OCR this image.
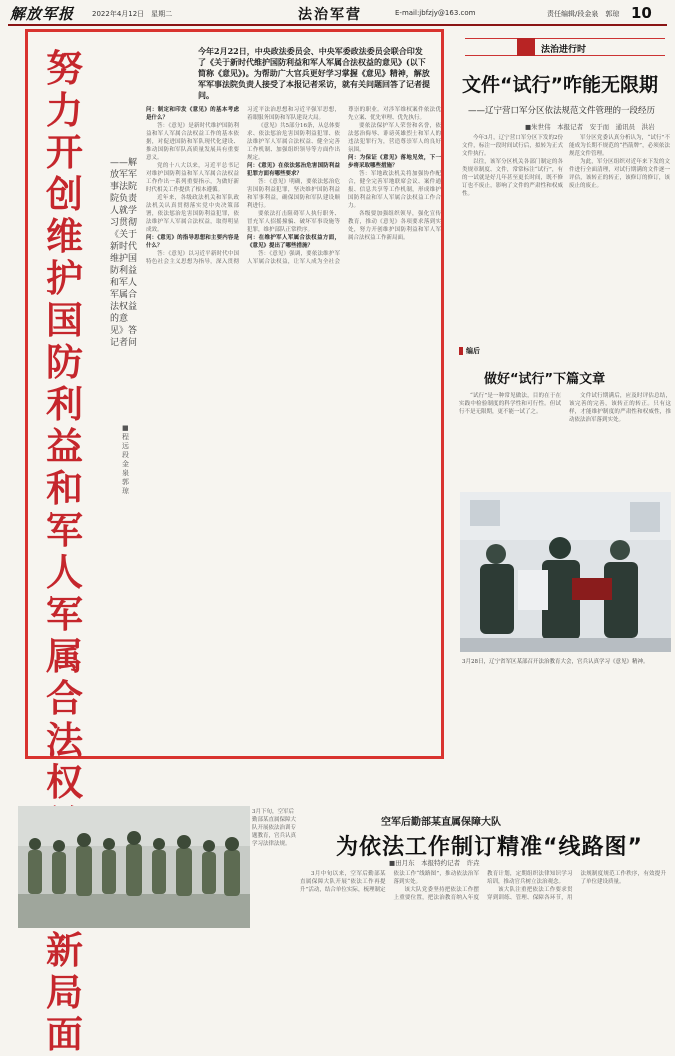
解放军报	2022年4月12日　星期二	法治军营	E-mail:jbfzjy@163.com	责任编辑/段金泉　郭琼 10
努力开创维护国防利益和军人军属合法权 新局面
——解放军军事法院院负责人就学习贯彻《关于新时代维护国防利益和军人军属合法权益的意见》答记者问
■程远　段金泉　郭琼
今年2月22日，中央政法委员会、中央军委政法委员会联合印发了《关于新时代维护国防利益和军人军属合法权益的意见》(以下简称《意见》)。为帮助广大官兵更好学习掌握《意见》精神，解放军军事法院负责人接受了本报记者采访，就有关问题回答了记者提问。

问：制定和印发《意见》的基本考虑是什么？

答：《意见》是新时代维护国防利益和军人军属合法权益工作的基本依据，对促进国防和军队现代化建设、推动国防和军队高质量发展具有重要意义。

党的十八大以来，习近平总书记对维护国防利益和军人军属合法权益工作作出一系列重要指示，为做好新时代相关工作提供了根本遵循。

近年来，各级政法机关和军队政法机关认真贯彻落实党中央决策部署，依法惩治危害国防利益犯罪，依法维护军人军属合法权益，取得明显成效。

问：《意见》的指导思想和主要内容是什么？

答：《意见》以习近平新时代中国特色社会主义思想为指导，深入贯彻习近平法治思想和习近平强军思想，着眼服务国防和军队建设大局。

《意见》共5部分16条，从总体要求、依法惩治危害国防利益犯罪、依法维护军人军属合法权益、健全完善工作机制、加强组织领导等方面作出规定。

问：《意见》在依法惩治危害国防利益犯罪方面有哪些要求？

答：《意见》明确，要依法惩治危害国防利益犯罪，坚决维护国防利益和军事利益，确保国防和军队建设顺利进行。

要依法打击阻碍军人执行职务、冒充军人招摇撞骗、破坏军事设施等犯罪，维护部队正常秩序。

问：在维护军人军属合法权益方面，《意见》提出了哪些措施？

答：《意见》强调，要依法维护军人军属合法权益，让军人成为全社会尊崇的职业。对涉军维权案件依法优先立案、优先审理、优先执行。

要依法保护军人荣誉和名誉，依法惩治侮辱、诽谤英雄烈士和军人的违法犯罪行为，营造尊崇军人的良好氛围。

问：为保证《意见》落地见效，下一步将采取哪些措施？

答：军地政法机关将加强协作配合，健全完善军地联席会议、案件通报、信息共享等工作机制，形成维护国防利益和军人军属合法权益工作合力。

各级要加强组织领导，强化宣传教育，推动《意见》各项要求落到实处，努力开创维护国防利益和军人军属合法权益工作新局面。

法治进行时
文件“试行”咋能无限期
——辽宁营口军分区依法规范文件管理的一段经历
■朱世伟　本报记者　安于而　通讯员　洪岩

今年3月，辽宁营口军分区下发的2份文件，标注一段时间试行后，拟转为正式文件执行。

以往，该军分区机关各部门制定的各类规章制度、文件，常常标注“试行”，有的一试就是好几年甚至更长时间，既不修订也不废止，影响了文件的严肃性和权威性。

军分区党委认真分析认为，“试行”不能成为长期不规范的“挡箭牌”，必须依法规范文件管理。

为此，军分区组织对近年来下发的文件进行全面清理，对试行期满的文件逐一评估，该转正的转正，该修订的修订，该废止的废止。

编后
做好“试行”下篇文章

“试行”是一种常见做法，目的在于在实践中检验制度的科学性和可行性。但试行不是无限期，更不能一试了之。

文件试行期满后，应及时评估总结，该完善的完善，该转正的转正。只有这样，才能维护制度的严肃性和权威性，推动依法治军落到实处。

3月28日，辽宁省军区某部召开法治教育大会，官兵认真学习《意见》精神。
3月下旬，空军后勤部某直属保障大队开展依法治训专题教育，官兵认真学习法律法规。
空军后勤部某直属保障大队
为依法工作制订精准“线路图”
■田月东　本报特约记者　许垚

3月中旬以来，空军后勤部某直属保障大队开展“依法工作再提升”活动，结合单位实际，梳理制定依法工作“线路图”，推动依法治军落到实处。

该大队党委坚持把依法工作摆上重要位置，把法治教育纳入年度教育计划，定期组织法律知识学习培训，推动官兵树立法治观念。

该大队注重把依法工作要求贯穿到训练、管理、保障各环节，用法规制度规范工作秩序，有效提升了单位建设质量。
